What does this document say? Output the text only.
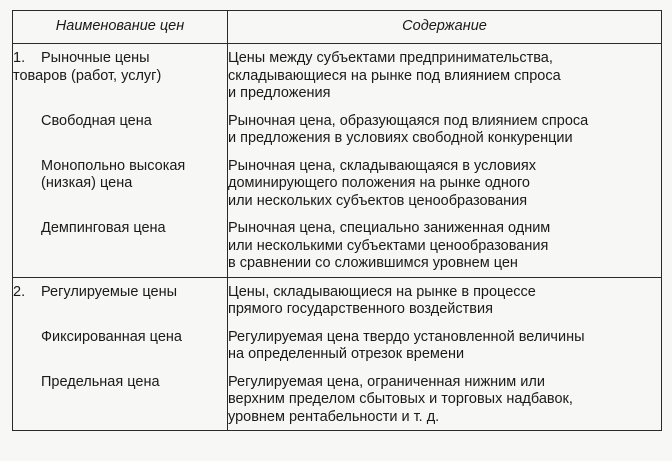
Наименование цен	Содержание

1. Рыночные цены
товаров (работ, услуг)	Цены между субъектами предпринимательства,
складывающиеся на рынке под влиянием спроса
и предложения

Свободная цена	Рыночная цена, образующаяся под влиянием спроса
и предложения в условиях свободной конкуренции

Монопольно высокая
(низкая) цена	Рыночная цена, складывающаяся в условиях
доминирующего положения на рынке одного
или нескольких субъектов ценообразования

Демпинговая цена	Рыночная цена, специально заниженная одним
или несколькими субъектами ценообразования
в сравнении со сложившимся уровнем цен

2. Регулируемые цены	Цены, складывающиеся на рынке в процессе
прямого государственного воздействия

Фиксированная цена	Регулируемая цена твердо установленной величины
на определенный отрезок времени

Предельная цена	Регулируемая цена, ограниченная нижним или
верхним пределом сбытовых и торговых надбавок,
уровнем рентабельности и т. д.
